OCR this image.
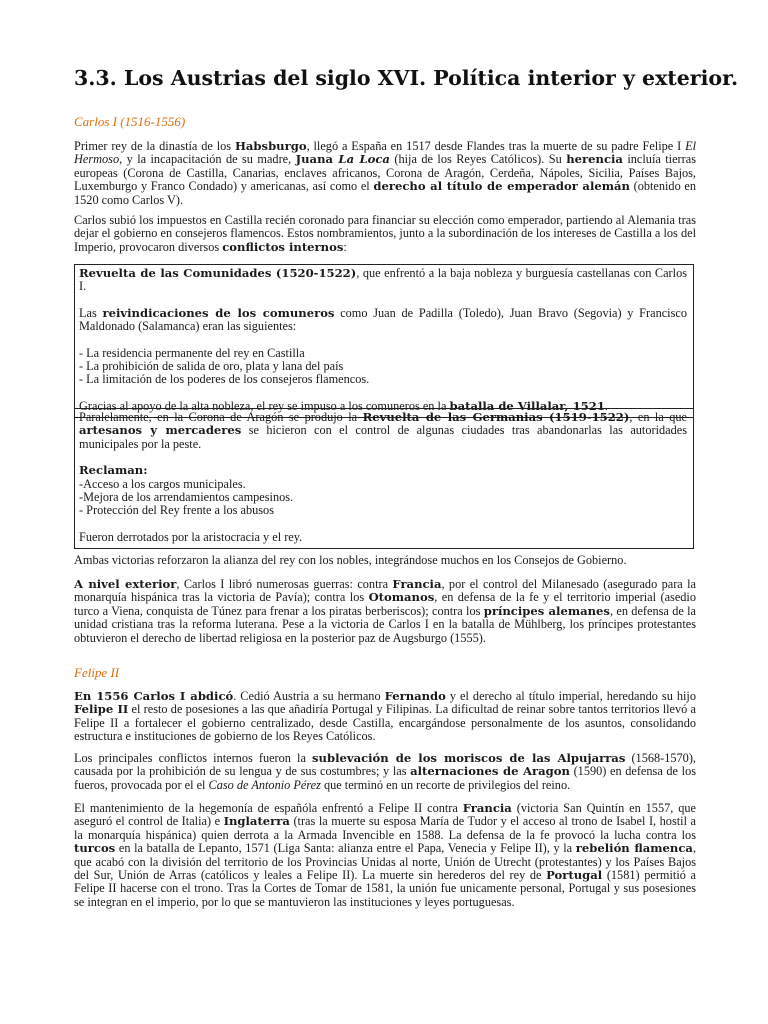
3.3. Los Austrias del siglo XVI. Política interior y exterior.

Carlos I (1516-1556)

Primer rey de la dinastía de los Habsburgo, llegó a España en 1517 desde Flandes tras la muerte de su padre Felipe I El Hermoso, y la incapacitación de su madre, Juana La Loca (hija de los Reyes Católicos). Su herencia incluía tierras europeas (Corona de Castilla, Canarias, enclaves africanos, Corona de Aragón, Cerdeña, Nápoles, Sicilia, Países Bajos, Luxemburgo y Franco Condado) y americanas, así como el derecho al título de emperador alemán (obtenido en 1520 como Carlos V).

Carlos subió los impuestos en Castilla recién coronado para financiar su elección como emperador, partiendo al Alemania tras dejar el gobierno en consejeros flamencos. Estos nombramientos, junto a la subordinación de los intereses de Castilla a los del Imperio, provocaron diversos conflictos internos:

Revuelta de las Comunidades (1520-1522), que enfrentó a la baja nobleza y burguesía castellanas con Carlos I.

Las reivindicaciones de los comuneros como Juan de Padilla (Toledo), Juan Bravo (Segovia) y Francisco Maldonado (Salamanca) eran las siguientes:

- La residencia permanente del rey en Castilla

- La prohibición de salida de oro, plata y lana del país

- La limitación de los poderes de los consejeros flamencos.

Gracias al apoyo de la alta nobleza, el rey se impuso a los comuneros en la batalla de Villalar, 1521.

Paralelamente, en la Corona de Aragón se produjo la Revuelta de las Germanias (1519-1522), en la que artesanos y mercaderes se hicieron con el control de algunas ciudades tras abandonarlas las autoridades municipales por la peste.

Reclaman:

-Acceso a los cargos municipales.

-Mejora de los arrendamientos campesinos.

- Protección del Rey frente a los abusos

Fueron derrotados por la aristocracia y el rey.

Ambas victorias reforzaron la alianza del rey con los nobles, integrándose muchos en los Consejos de Gobierno.

A nivel exterior, Carlos I libró numerosas guerras: contra Francia, por el control del Milanesado (asegurado para la monarquía hispánica tras la victoria de Pavía); contra los Otomanos, en defensa de la fe y el territorio imperial (asedio turco a Viena, conquista de Túnez para frenar a los piratas berberiscos); contra los príncipes alemanes, en defensa de la unidad cristiana tras la reforma luterana. Pese a la victoria de Carlos I en la batalla de Mühlberg, los príncipes protestantes obtuvieron el derecho de libertad religiosa en la posterior paz de Augsburgo (1555).

Felipe II

En 1556 Carlos I abdicó. Cedió Austria a su hermano Fernando y el derecho al título imperial, heredando su hijo Felipe II el resto de posesiones a las que añadiría Portugal y Filipinas. La dificultad de reinar sobre tantos territorios llevó a Felipe II a fortalecer el gobierno centralizado, desde Castilla, encargándose personalmente de los asuntos, consolidando estructura e instituciones de gobierno de los Reyes Católicos.

Los principales conflictos internos fueron la sublevación de los moriscos de las Alpujarras (1568-1570), causada por la prohibición de su lengua y de sus costumbres; y las alternaciones de Aragon (1590) en defensa de los fueros, provocada por el el Caso de Antonio Pérez que terminó en un recorte de privilegios del reino.

El mantenimiento de la hegemonía de españóla enfrentó a Felipe II contra Francia (victoria San Quintín en 1557, que aseguró el control de Italia) e Inglaterra (tras la muerte su esposa María de Tudor y el acceso al trono de Isabel I, hostil a la monarquía hispánica) quien derrota a la Armada Invencible en 1588. La defensa de la fe provocó la lucha contra los turcos en la batalla de Lepanto, 1571 (Liga Santa: alianza entre el Papa, Venecia y Felipe II), y la rebelión flamenca, que acabó con la división del territorio de los Provincias Unidas al norte, Unión de Utrecht (protestantes) y los Países Bajos del Sur, Unión de Arras (católicos y leales a Felipe II). La muerte sin herederos del rey de Portugal (1581) permitió a Felipe II hacerse con el trono. Tras la Cortes de Tomar de 1581, la unión fue unicamente personal, Portugal y sus posesiones se integran en el imperio, por lo que se mantuvieron las instituciones y leyes portuguesas.
